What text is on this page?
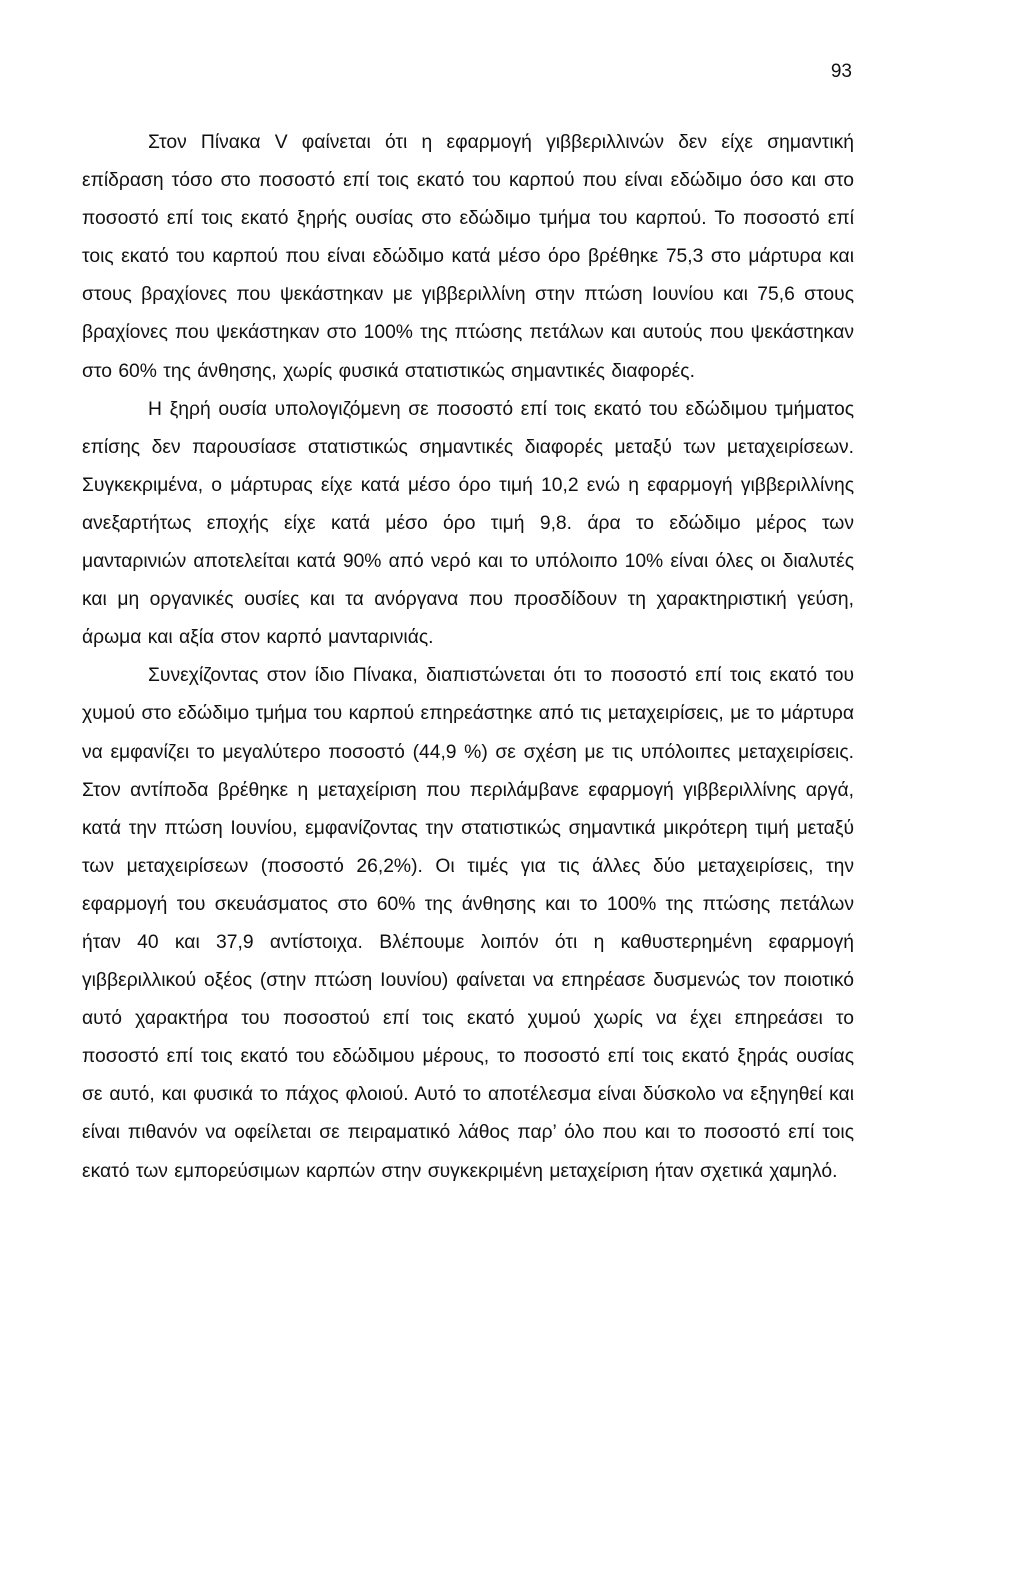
93

Στον Πίνακα V φαίνεται ότι η εφαρμογή γιββεριλλινών δεν είχε σημαντική επίδραση τόσο στο ποσοστό επί τοις εκατό του καρπού που είναι εδώδιμο όσο και στο ποσοστό επί τοις εκατό ξηρής ουσίας στο εδώδιμο τμήμα του καρπού. Το ποσοστό επί τοις εκατό του καρπού που είναι εδώδιμο κατά μέσο όρο βρέθηκε 75,3 στο μάρτυρα και στους βραχίονες που ψεκάστηκαν με γιββεριλλίνη στην πτώση Ιουνίου και 75,6 στους βραχίονες που ψεκάστηκαν στο 100% της πτώσης πετάλων και αυτούς που ψεκάστηκαν στο 60% της άνθησης, χωρίς φυσικά στατιστικώς σημαντικές διαφορές.

Η ξηρή ουσία υπολογιζόμενη σε ποσοστό επί τοις εκατό του εδώδιμου τμήματος επίσης δεν παρουσίασε στατιστικώς σημαντικές διαφορές μεταξύ των μεταχειρίσεων. Συγκεκριμένα, ο μάρτυρας είχε κατά μέσο όρο τιμή 10,2 ενώ η εφαρμογή γιββεριλλίνης ανεξαρτήτως εποχής είχε κατά μέσο όρο τιμή 9,8. άρα το εδώδιμο μέρος των μανταρινιών αποτελείται κατά 90% από νερό και το υπόλοιπο 10% είναι όλες οι διαλυτές και μη οργανικές ουσίες και τα ανόργανα που προσδίδουν τη χαρακτηριστική γεύση, άρωμα και αξία στον καρπό μανταρινιάς.

Συνεχίζοντας στον ίδιο Πίνακα, διαπιστώνεται ότι το ποσοστό επί τοις εκατό του χυμού στο εδώδιμο τμήμα του καρπού επηρεάστηκε από τις μεταχειρίσεις, με το μάρτυρα να εμφανίζει το μεγαλύτερο ποσοστό (44,9 %) σε σχέση με τις υπόλοιπες μεταχειρίσεις. Στον αντίποδα βρέθηκε η μεταχείριση που περιλάμβανε εφαρμογή γιββεριλλίνης αργά, κατά την πτώση Ιουνίου, εμφανίζοντας την στατιστικώς σημαντικά μικρότερη τιμή μεταξύ των μεταχειρίσεων (ποσοστό 26,2%). Οι τιμές για τις άλλες δύο μεταχειρίσεις, την εφαρμογή του σκευάσματος στο 60% της άνθησης και το 100% της πτώσης πετάλων ήταν 40 και 37,9 αντίστοιχα. Βλέπουμε λοιπόν ότι η καθυστερημένη εφαρμογή γιββεριλλικού οξέος (στην πτώση Ιουνίου) φαίνεται να επηρέασε δυσμενώς τον ποιοτικό αυτό χαρακτήρα του ποσοστού επί τοις εκατό χυμού χωρίς να έχει επηρεάσει το ποσοστό επί τοις εκατό του εδώδιμου μέρους, το ποσοστό επί τοις εκατό ξηράς ουσίας σε αυτό, και φυσικά το πάχος φλοιού. Αυτό το αποτέλεσμα είναι δύσκολο να εξηγηθεί και είναι πιθανόν να οφείλεται σε πειραματικό λάθος παρ’ όλο που και το ποσοστό επί τοις εκατό των εμπορεύσιμων καρπών στην συγκεκριμένη μεταχείριση ήταν σχετικά χαμηλό.
